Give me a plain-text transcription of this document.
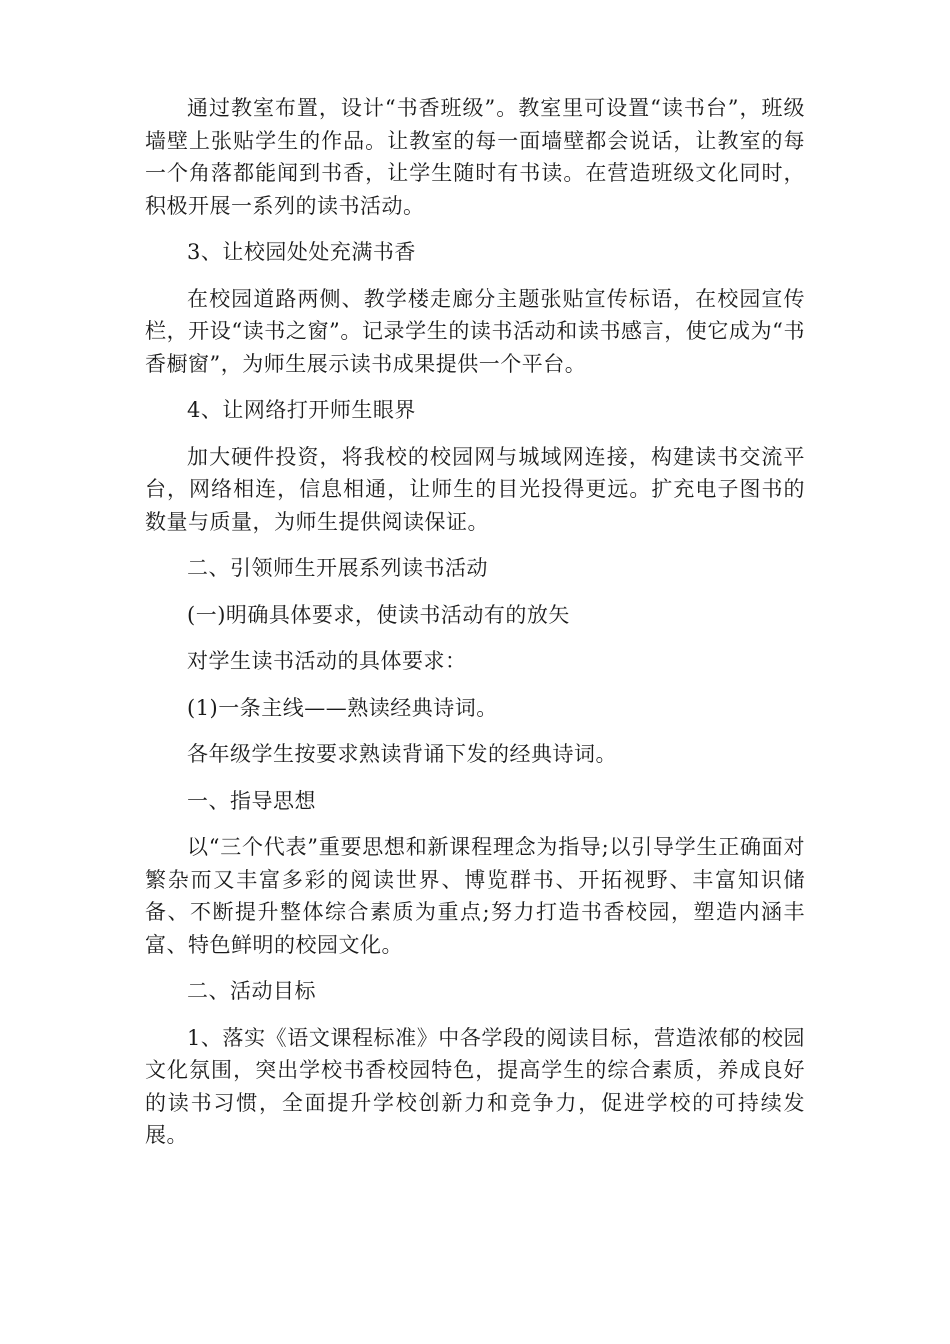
通过教室布置，设计“书香班级”。教室里可设置“读书台”，班级墙壁上张贴学生的作品。让教室的每一面墙壁都会说话，让教室的每一个角落都能闻到书香，让学生随时有书读。在营造班级文化同时，积极开展一系列的读书活动。

3、让校园处处充满书香

在校园道路两侧、教学楼走廊分主题张贴宣传标语，在校园宣传栏，开设“读书之窗”。记录学生的读书活动和读书感言，使它成为“书香橱窗”，为师生展示读书成果提供一个平台。

4、让网络打开师生眼界

加大硬件投资，将我校的校园网与城域网连接，构建读书交流平台，网络相连，信息相通，让师生的目光投得更远。扩充电子图书的数量与质量，为师生提供阅读保证。

二、引领师生开展系列读书活动

(一)明确具体要求，使读书活动有的放矢

对学生读书活动的具体要求：

(1)一条主线——熟读经典诗词。

各年级学生按要求熟读背诵下发的经典诗词。

一、指导思想

以“三个代表”重要思想和新课程理念为指导;以引导学生正确面对繁杂而又丰富多彩的阅读世界、博览群书、开拓视野、丰富知识储备、不断提升整体综合素质为重点;努力打造书香校园，塑造内涵丰富、特色鲜明的校园文化。

二、活动目标

1、落实《语文课程标准》中各学段的阅读目标，营造浓郁的校园文化氛围，突出学校书香校园特色，提高学生的综合素质，养成良好的读书习惯，全面提升学校创新力和竞争力，促进学校的可持续发展。
